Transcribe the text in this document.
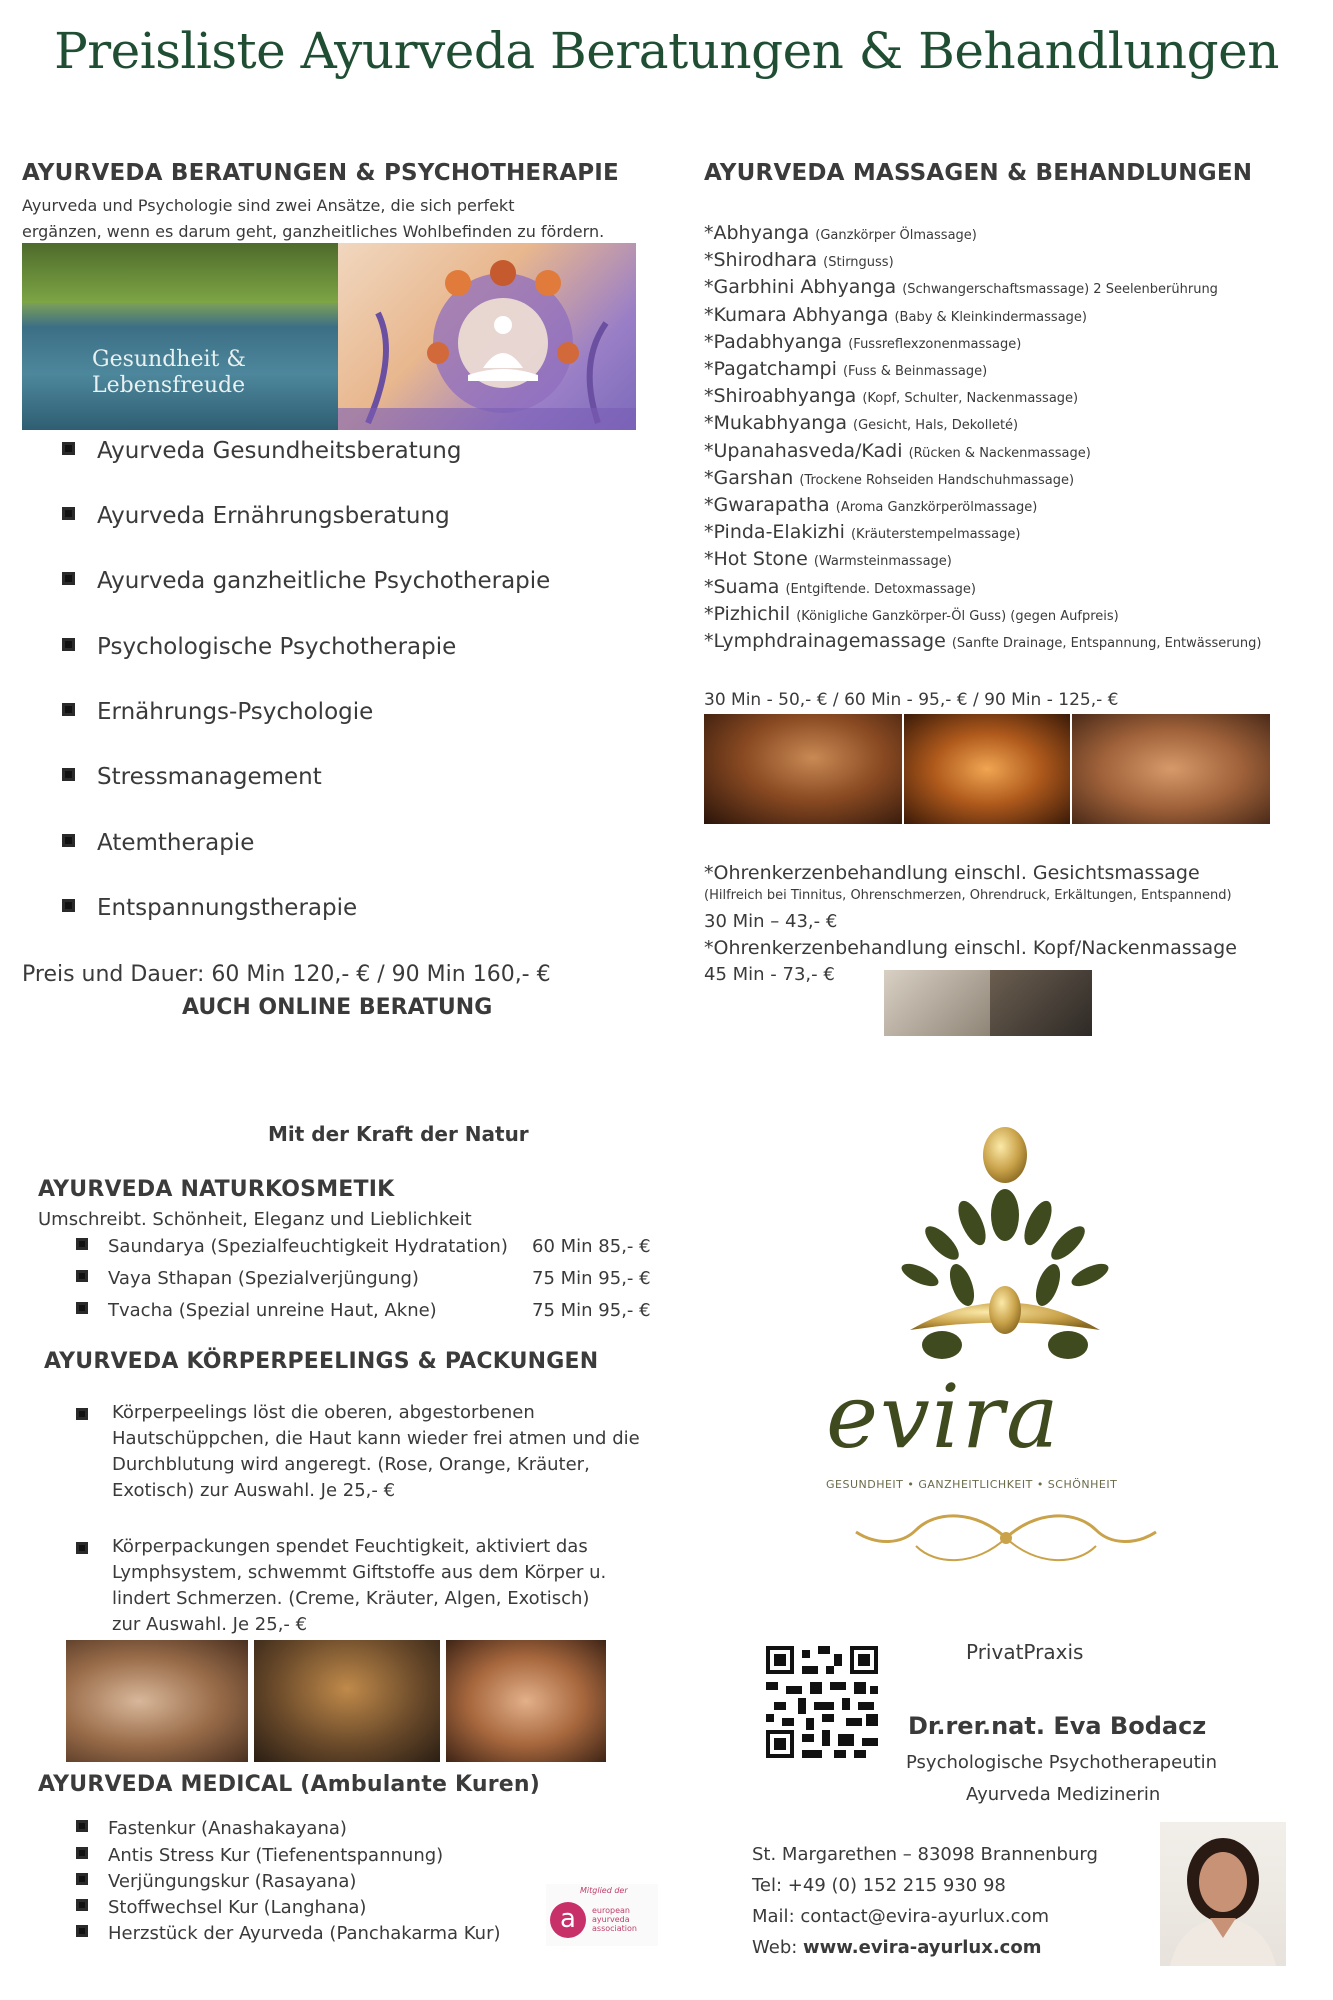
Preisliste Ayurveda Beratungen & Behandlungen
AYURVEDA BERATUNGEN & PSYCHOTHERAPIE
Ayurveda und Psychologie sind zwei Ansätze, die sich perfekt
ergänzen, wenn es darum geht, ganzheitliches Wohlbefinden zu fördern.
Gesundheit &
Lebensfreude
Ayurveda Gesundheitsberatung
Ayurveda Ernährungsberatung
Ayurveda ganzheitliche Psychotherapie
Psychologische Psychotherapie
Ernährungs-Psychologie
Stressmanagement
Atemtherapie
Entspannungstherapie
Preis und Dauer: 60 Min 120,- € / 90 Min 160,- €
AUCH ONLINE BERATUNG
AYURVEDA MASSAGEN & BEHANDLUNGEN
*Abhyanga (Ganzkörper Ölmassage)
*Shirodhara (Stirnguss)
*Garbhini Abhyanga (Schwangerschaftsmassage) 2 Seelenberührung
*Kumara Abhyanga (Baby & Kleinkindermassage)
*Padabhyanga (Fussreflexzonenmassage)
*Pagatchampi (Fuss & Beinmassage)
*Shiroabhyanga (Kopf, Schulter, Nackenmassage)
*Mukabhyanga (Gesicht, Hals, Dekolleté)
*Upanahasveda/Kadi (Rücken & Nackenmassage)
*Garshan (Trockene Rohseiden Handschuhmassage)
*Gwarapatha (Aroma Ganzkörperölmassage)
*Pinda-Elakizhi (Kräuterstempelmassage)
*Hot Stone (Warmsteinmassage)
*Suama (Entgiftende. Detoxmassage)
*Pizhichil (Königliche Ganzkörper-Öl Guss) (gegen Aufpreis)
*Lymphdrainagemassage (Sanfte Drainage, Entspannung, Entwässerung)
30 Min - 50,- € / 60 Min - 95,- € / 90 Min - 125,- €
*Ohrenkerzenbehandlung einschl. Gesichtsmassage
(Hilfreich bei Tinnitus, Ohrenschmerzen, Ohrendruck, Erkältungen, Entspannend)
30 Min – 43,- €
*Ohrenkerzenbehandlung einschl. Kopf/Nackenmassage
45 Min - 73,- €
Mit der Kraft der Natur
AYURVEDA NATURKOSMETIK
Umschreibt. Schönheit, Eleganz und Lieblichkeit
Saundarya (Spezialfeuchtigkeit Hydratation) 60 Min 85,- €
Vaya Sthapan (Spezialverjüngung)	75 Min 95,- €
Tvacha (Spezial unreine Haut, Akne)	75 Min 95,- €
AYURVEDA KÖRPERPEELINGS & PACKUNGEN
Körperpeelings löst die oberen, abgestorbenen
Hautschüppchen, die Haut kann wieder frei atmen und die
Durchblutung wird angeregt. (Rose, Orange, Kräuter,
Exotisch) zur Auswahl. Je 25,- €
Körperpackungen spendet Feuchtigkeit, aktiviert das
Lymphsystem, schwemmt Giftstoffe aus dem Körper u.
lindert Schmerzen. (Creme, Kräuter, Algen, Exotisch)
zur Auswahl. Je 25,- €
AYURVEDA MEDICAL (Ambulante Kuren)
Fastenkur (Anashakayana)
Antis Stress Kur (Tiefenentspannung)
Verjüngungskur (Rasayana)
Stoffwechsel Kur (Langhana)
Herzstück der Ayurveda (Panchakarma Kur)
Mitglied der
a	european
ayurveda
association
evira
GESUNDHEIT • GANZHEITLICHKEIT • SCHÖNHEIT
PrivatPraxis
Dr.rer.nat. Eva Bodacz
Psychologische Psychotherapeutin
Ayurveda Medizinerin
St. Margarethen – 83098 Brannenburg
Tel: +49 (0) 152 215 930 98
Mail: contact@evira-ayurlux.com
Web: www.evira-ayurlux.com
